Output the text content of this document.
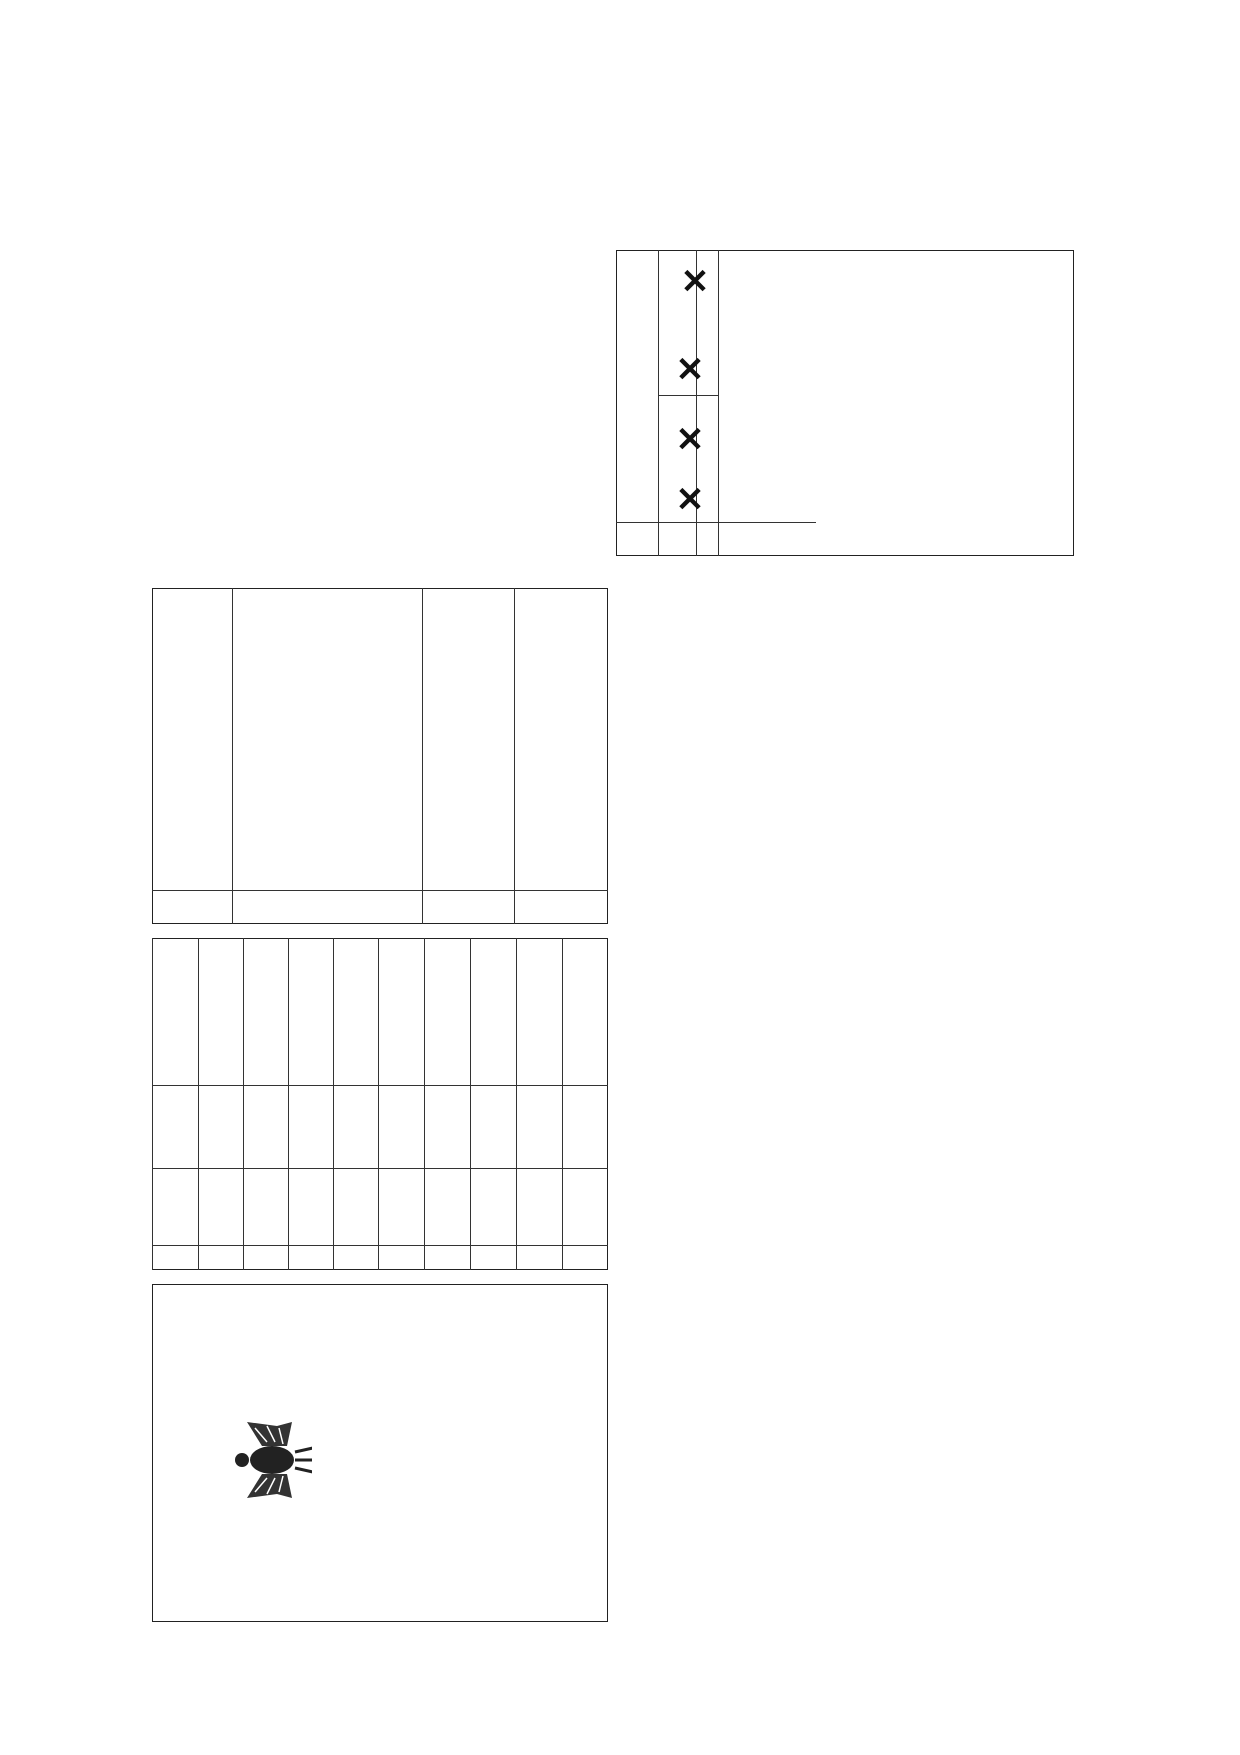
✕
✕
✕
✕
